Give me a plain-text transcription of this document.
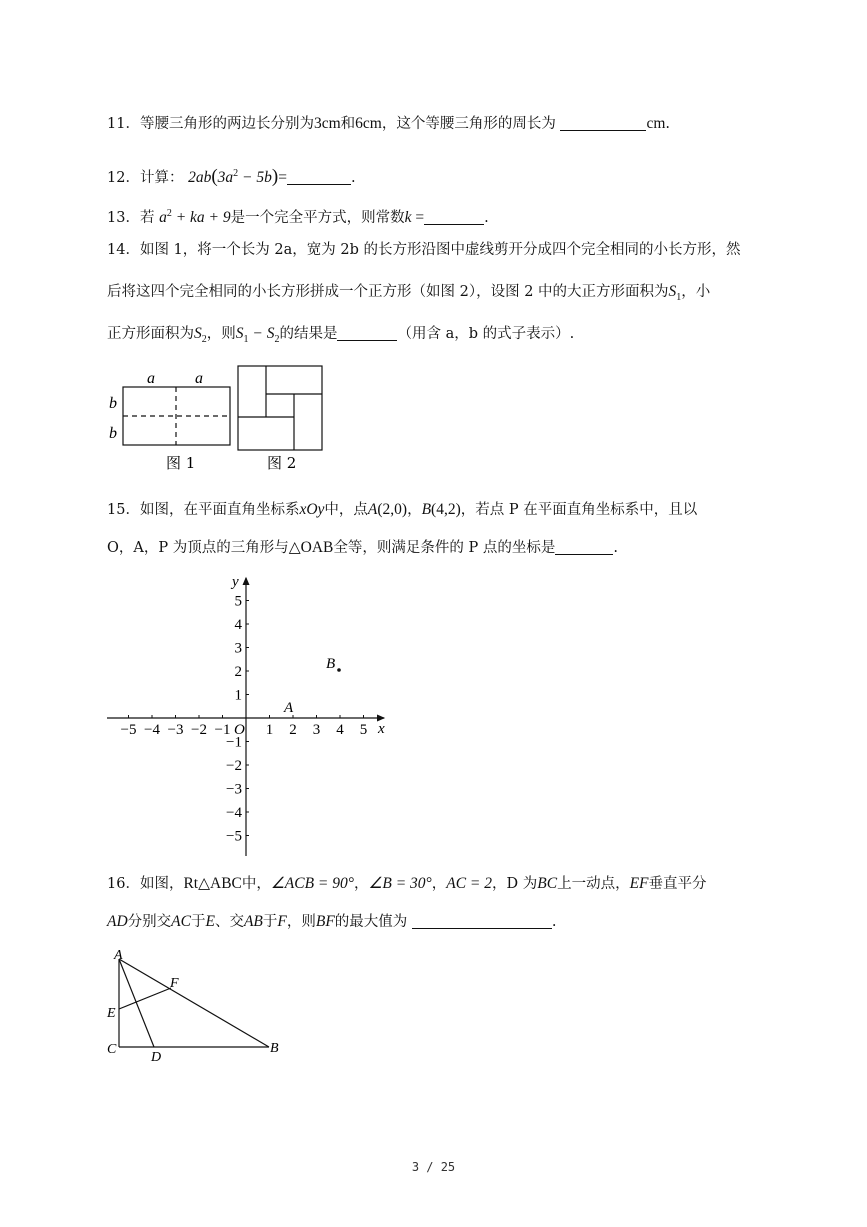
11．等腰三角形的两边长分别为3cm和6cm，这个等腰三角形的周长为	cm.
12．计算： $2ab(3a^2 - 5b)=$	.
13．若 $a^2$ + ka + 9是一个完全平方式，则常数k =	.
14．如图 1，将一个长为 2a，宽为 2b 的长方形沿图中虚线剪开分成四个完全相同的小长方形，然
后将这四个完全相同的小长方形拼成一个正方形（如图 2），设图 2 中的大正方形面积为$S_1$，小
正方形面积为$S_2$，则$S_1 - S_2$的结果是	（用含 a，b 的式子表示）.
a	a
b
b
图 1	图 2
15．如图，在平面直角坐标系xOy中，点A(2,0)，B(4,2)，若点 P 在平面直角坐标系中，且以
O，A，P 为顶点的三角形与△OAB全等，则满足条件的 P 点的坐标是	.
−5 −4 −3 −2 −1 1 2 3 4 5
5
4
3
2
1
−1
−2
−3
−4
−5
x
y
O
A
B
16．如图，Rt△ABC中，∠ACB = 90°，∠B = 30°，AC = 2，D 为BC上一动点，EF垂直平分
AD分别交AC于E、交AB于F，则BF的最大值为	.
A
B
C
D
E
F
3 / 25
